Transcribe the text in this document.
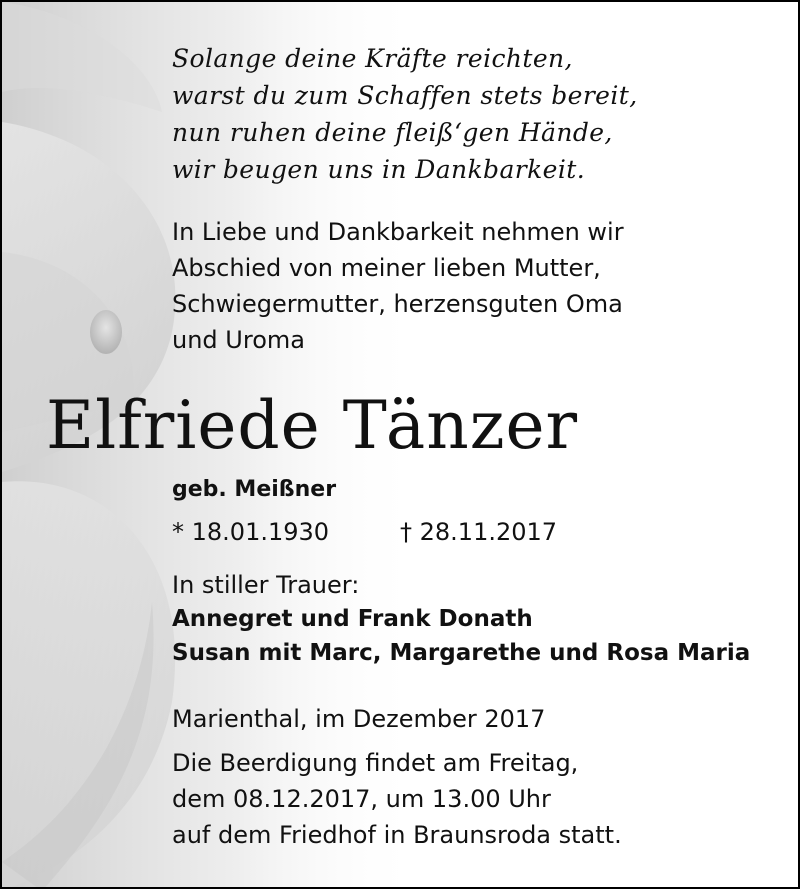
Solange deine Kräfte reichten,
warst du zum Schaffen stets bereit,
nun ruhen deine fleiß‘gen Hände,
wir beugen uns in Dankbarkeit.
In Liebe und Dankbarkeit nehmen wir
Abschied von meiner lieben Mutter,
Schwiegermutter, herzensguten Oma
und Uroma
Elfriede Tänzer
geb. Meißner
* 18.01.1930	† 28.11.2017
In stiller Trauer:
Annegret und Frank Donath
Susan mit Marc, Margarethe und Rosa Maria
Marienthal, im Dezember 2017
Die Beerdigung findet am Freitag,
dem 08.12.2017, um 13.00 Uhr
auf dem Friedhof in Braunsroda statt.
